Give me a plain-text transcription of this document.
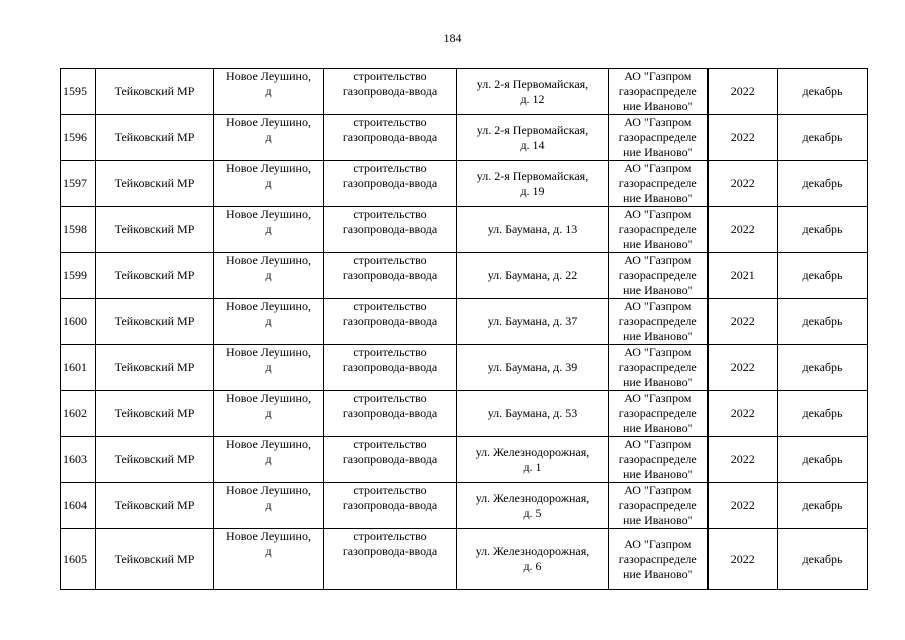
184
1595	Тейковский МР	Новое Леушино,
д	строительство
газопровода-ввода	ул. 2-я Первомайская,
д. 12	АО "Газпром
газораспределе
ние Иваново"	2022	декабрь

1596	Тейковский МР	Новое Леушино,
д	строительство
газопровода-ввода	ул. 2-я Первомайская,
д. 14	АО "Газпром
газораспределе
ние Иваново"	2022	декабрь

1597	Тейковский МР	Новое Леушино,
д	строительство
газопровода-ввода	ул. 2-я Первомайская,
д. 19	АО "Газпром
газораспределе
ние Иваново"	2022	декабрь

1598	Тейковский МР	Новое Леушино,
д	строительство
газопровода-ввода	ул. Баумана, д. 13	АО "Газпром
газораспределе
ние Иваново"	2022	декабрь

1599	Тейковский МР	Новое Леушино,
д	строительство
газопровода-ввода	ул. Баумана, д. 22	АО "Газпром
газораспределе
ние Иваново"	2021	декабрь

1600	Тейковский МР	Новое Леушино,
д	строительство
газопровода-ввода	ул. Баумана, д. 37	АО "Газпром
газораспределе
ние Иваново"	2022	декабрь

1601	Тейковский МР	Новое Леушино,
д	строительство
газопровода-ввода	ул. Баумана, д. 39	АО "Газпром
газораспределе
ние Иваново"	2022	декабрь

1602	Тейковский МР	Новое Леушино,
д	строительство
газопровода-ввода	ул. Баумана, д. 53	АО "Газпром
газораспределе
ние Иваново"	2022	декабрь

1603	Тейковский МР	Новое Леушино,
д	строительство
газопровода-ввода	ул. Железнодорожная,
д. 1	АО "Газпром
газораспределе
ние Иваново"	2022	декабрь

1604	Тейковский МР	Новое Леушино,
д	строительство
газопровода-ввода	ул. Железнодорожная,
д. 5	АО "Газпром
газораспределе
ние Иваново"	2022	декабрь

1605	Тейковский МР	Новое Леушино,
д	строительство
газопровода-ввода	ул. Железнодорожная,
д. 6	АО "Газпром
газораспределе
ние Иваново"	2022	декабрь
